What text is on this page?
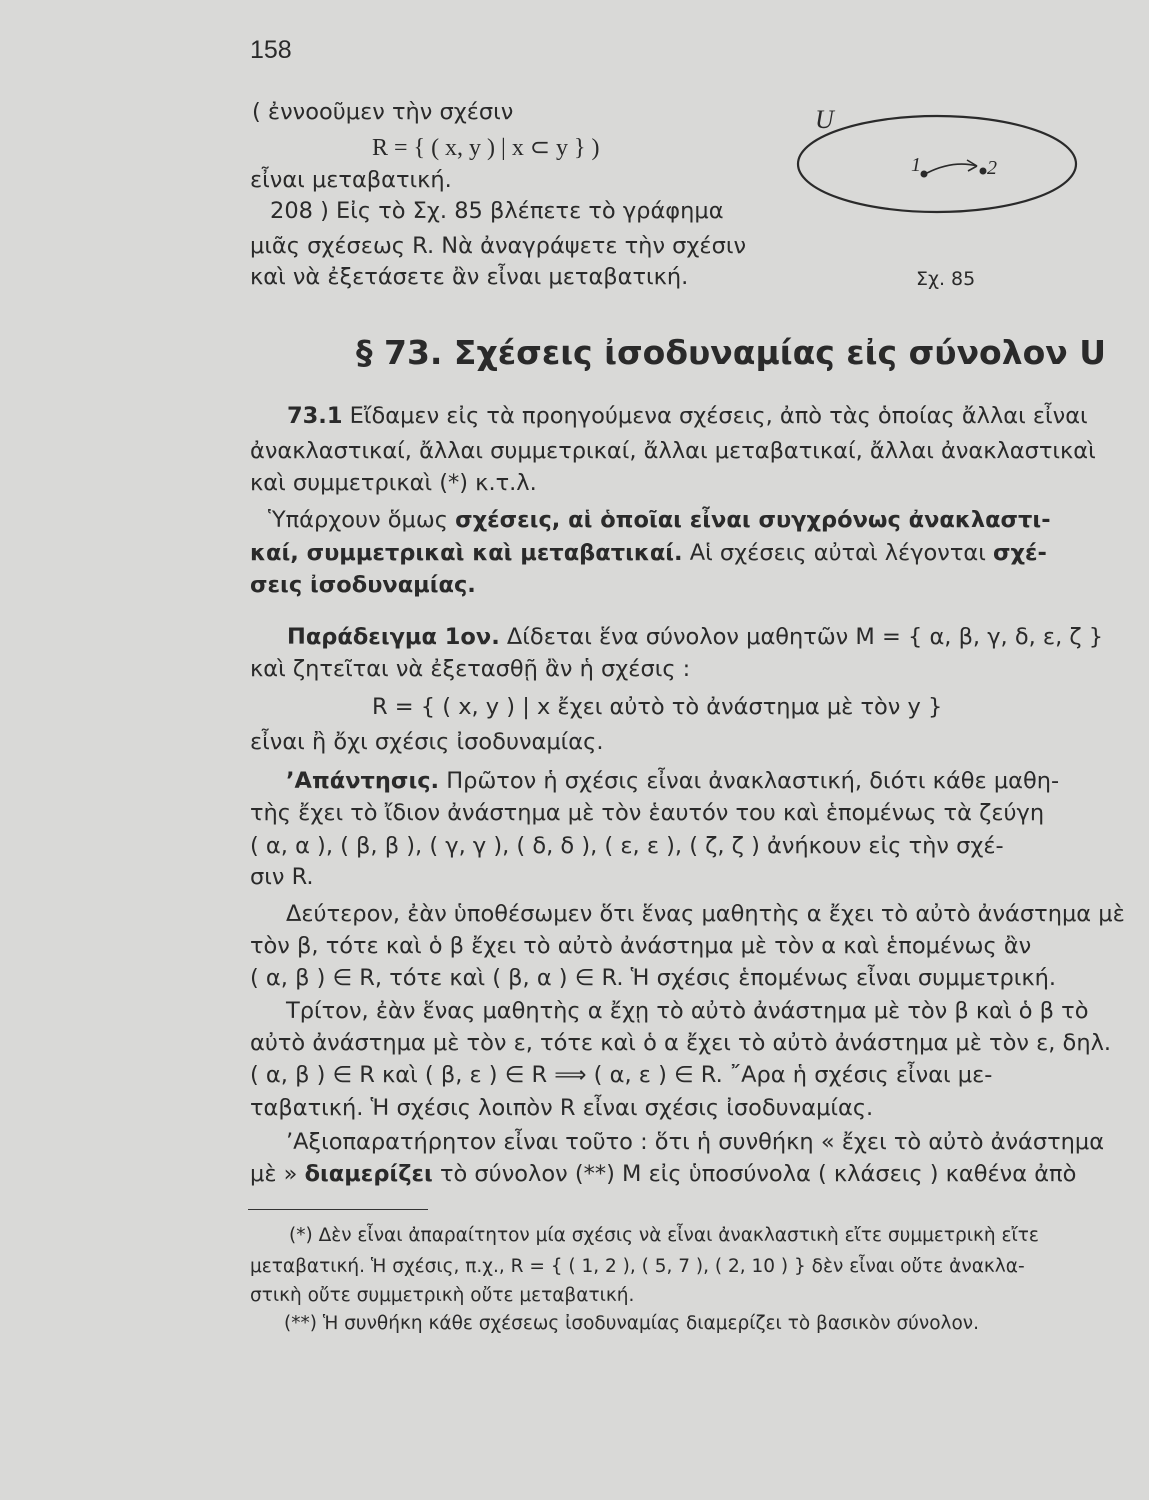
158
( ἐννοοῦμεν τὴν σχέσιν
R = { ( x, y ) | x ⊂ y } )
εἶναι μεταβατική.
208 ) Εἰς τὸ Σχ. 85 βλέπετε τὸ γράφημα
μιᾶς σχέσεως R. Νὰ ἀναγράψετε τὴν σχέσιν
καὶ νὰ ἐξετάσετε ἂν εἶναι μεταβατική.
U
1	2
Σχ. 85
§ 73. Σχέσεις ἰσοδυναμίας εἰς σύνολον U
73.1 Εἴδαμεν εἰς τὰ προηγούμενα σχέσεις, ἀπὸ τὰς ὁποίας ἄλλαι εἶναι
ἀνακλαστικαί, ἄλλαι συμμετρικαί, ἄλλαι μεταβατικαί, ἄλλαι ἀνακλαστικαὶ
καὶ συμμετρικαὶ (*) κ.τ.λ.
Ὑπάρχουν ὅμως σχέσεις, αἱ ὁποῖαι εἶναι συγχρόνως ἀνακλαστι-
καί, συμμετρικαὶ καὶ μεταβατικαί. Αἱ σχέσεις αὐταὶ λέγονται σχέ-
σεις ἰσοδυναμίας.
Παράδειγμα 1ον. Δίδεται ἕνα σύνολον μαθητῶν M = { α, β, γ, δ, ε, ζ }
καὶ ζητεῖται νὰ ἐξετασθῇ ἂν ἡ σχέσις :
R = { ( x, y ) | x ἔχει αὐτὸ τὸ ἀνάστημα μὲ τὸν y }
εἶναι ἢ ὄχι σχέσις ἰσοδυναμίας.
’Απάντησις. Πρῶτον ἡ σχέσις εἶναι ἀνακλαστική, διότι κάθε μαθη-
τὴς ἔχει τὸ ἴδιον ἀνάστημα μὲ τὸν ἑαυτόν του καὶ ἑπομένως τὰ ζεύγη
( α, α ), ( β, β ), ( γ, γ ), ( δ, δ ), ( ε, ε ), ( ζ, ζ ) ἀνήκουν εἰς τὴν σχέ-
σιν R.
Δεύτερον, ἐὰν ὑποθέσωμεν ὅτι ἕνας μαθητὴς α ἔχει τὸ αὐτὸ ἀνάστημα μὲ
τὸν β, τότε καὶ ὁ β ἔχει τὸ αὐτὸ ἀνάστημα μὲ τὸν α καὶ ἑπομένως ἂν
( α, β ) ∈ R, τότε καὶ ( β, α ) ∈ R. Ἡ σχέσις ἑπομένως εἶναι συμμετρική.
Τρίτον, ἐὰν ἕνας μαθητὴς α ἔχῃ τὸ αὐτὸ ἀνάστημα μὲ τὸν β καὶ ὁ β τὸ
αὐτὸ ἀνάστημα μὲ τὸν ε, τότε καὶ ὁ α ἔχει τὸ αὐτὸ ἀνάστημα μὲ τὸν ε, δηλ.
( α, β ) ∈ R καὶ ( β, ε ) ∈ R ⟹ ( α, ε ) ∈ R. ῎Αρα ἡ σχέσις εἶναι με-
ταβατική. Ἡ σχέσις λοιπὸν R εἶναι σχέσις ἰσοδυναμίας.
’Αξιοπαρατήρητον εἶναι τοῦτο : ὅτι ἡ συνθήκη « ἔχει τὸ αὐτὸ ἀνάστημα
μὲ » διαμερίζει τὸ σύνολον (**) M εἰς ὑποσύνολα ( κλάσεις ) καθένα ἀπὸ
(*) Δὲν εἶναι ἀπαραίτητον μία σχέσις νὰ εἶναι ἀνακλαστικὴ εἴτε συμμετρικὴ εἴτε
μεταβατική. Ἡ σχέσις, π.χ., R = { ( 1, 2 ), ( 5, 7 ), ( 2, 10 ) } δὲν εἶναι οὔτε ἀνακλα-
στικὴ οὔτε συμμετρικὴ οὔτε μεταβατική.
(**) Ἡ συνθήκη κάθε σχέσεως ἰσοδυναμίας διαμερίζει τὸ βασικὸν σύνολον.
